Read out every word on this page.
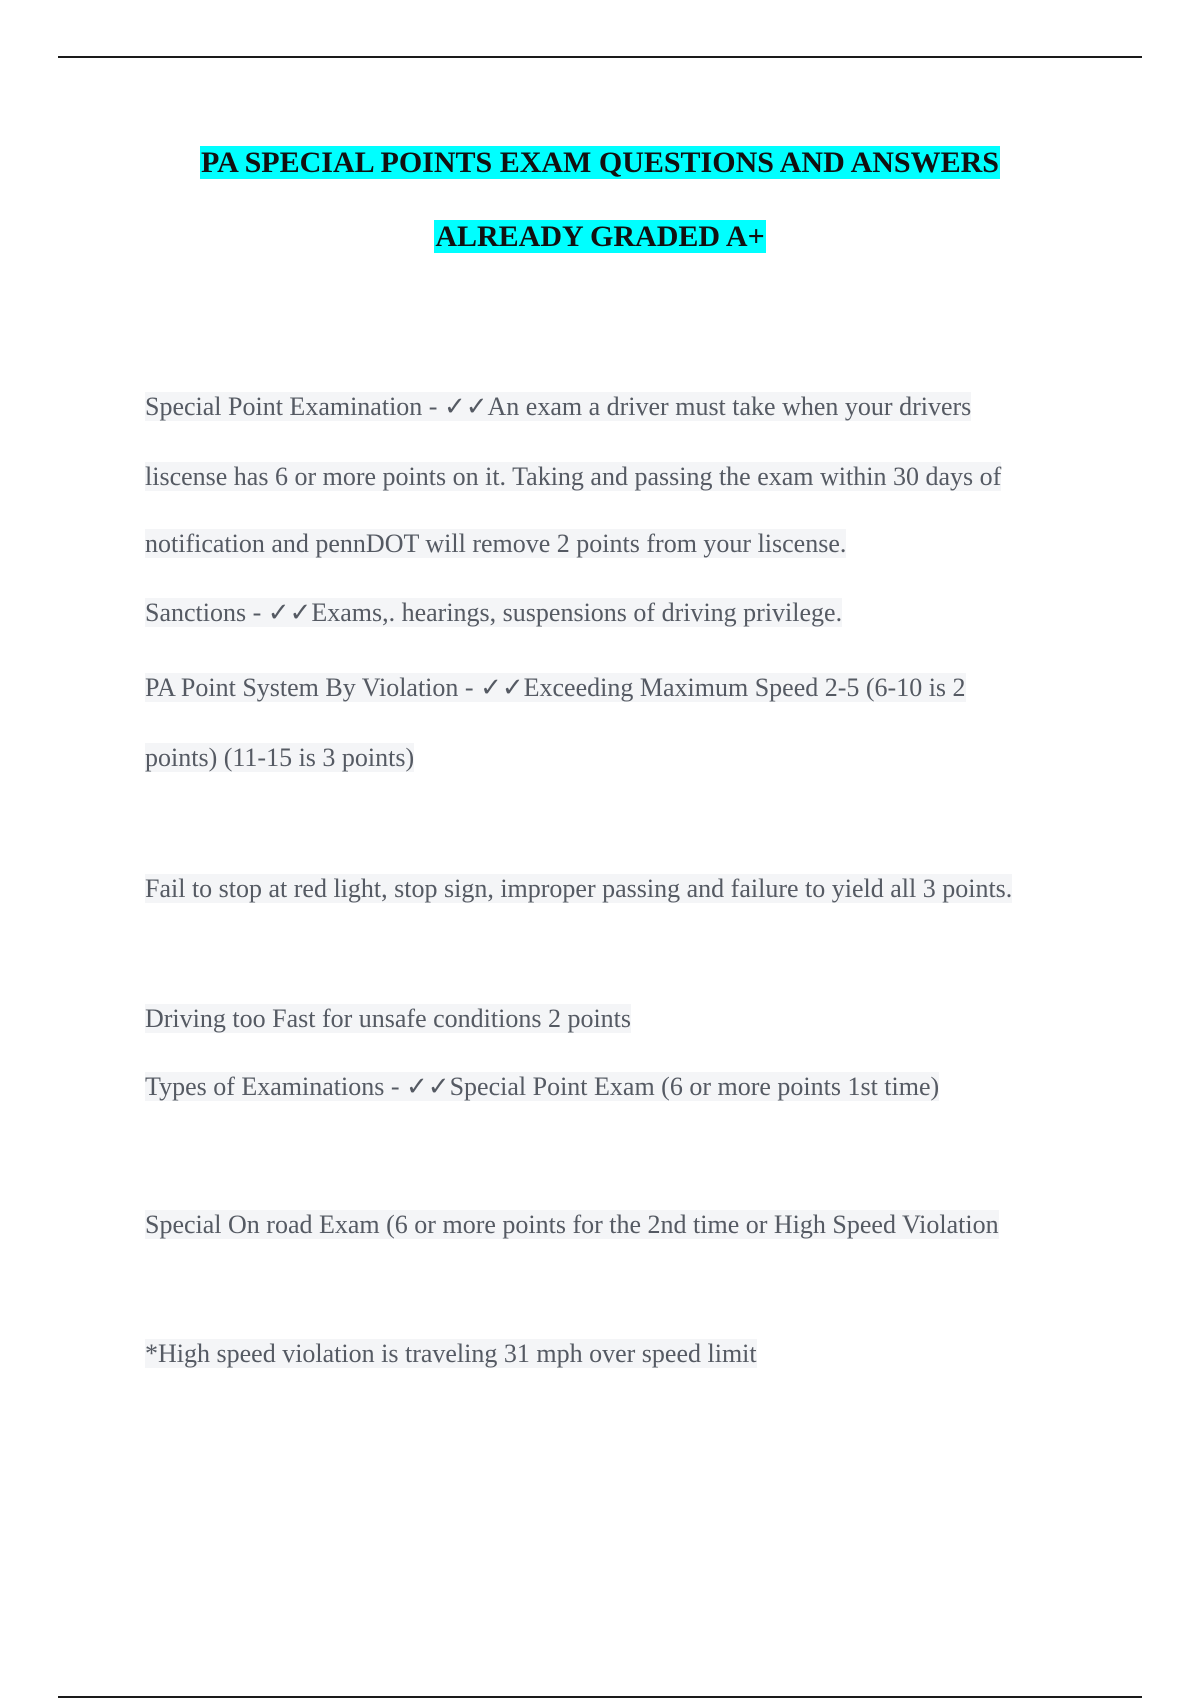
PA SPECIAL POINTS EXAM QUESTIONS AND ANSWERS
ALREADY GRADED A+
Special Point Examination - ✓✓An exam a driver must take when your drivers
liscense has 6 or more points on it. Taking and passing the exam within 30 days of
notification and pennDOT will remove 2 points from your liscense.
Sanctions - ✓✓Exams,. hearings, suspensions of driving privilege.
PA Point System By Violation - ✓✓Exceeding Maximum Speed 2-5 (6-10 is 2
points) (11-15 is 3 points)
Fail to stop at red light, stop sign, improper passing and failure to yield all 3 points.
Driving too Fast for unsafe conditions 2 points
Types of Examinations - ✓✓Special Point Exam (6 or more points 1st time)
Special On road Exam (6 or more points for the 2nd time or High Speed Violation
*High speed violation is traveling 31 mph over speed limit
